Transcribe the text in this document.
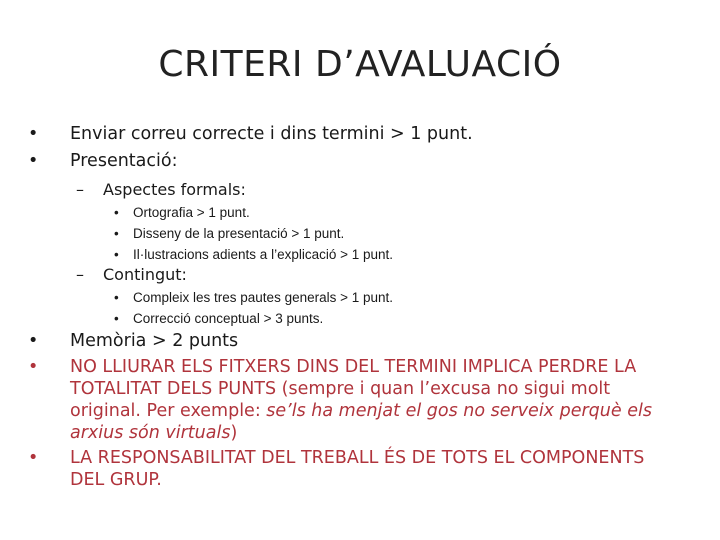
CRITERI D’AVALUACIÓ
• Enviar correu correcte i dins termini > 1 punt.
• Presentació:
– Aspectes formals:
• Ortografia > 1 punt.
• Disseny de la presentació > 1 punt.
• Il·lustracions adients a l’explicació > 1 punt.
– Contingut:
• Compleix les tres pautes generals > 1 punt.
• Correcció conceptual > 3 punts.
• Memòria > 2 punts
• NO LLIURAR ELS FITXERS DINS DEL TERMINI IMPLICA PERDRE LA
TOTALITAT DELS PUNTS (sempre i quan l’excusa no sigui molt
original. Per exemple: se’ls ha menjat el gos no serveix perquè els
arxius són virtuals)
• LA RESPONSABILITAT DEL TREBALL ÉS DE TOTS EL COMPONENTS
DEL GRUP.
